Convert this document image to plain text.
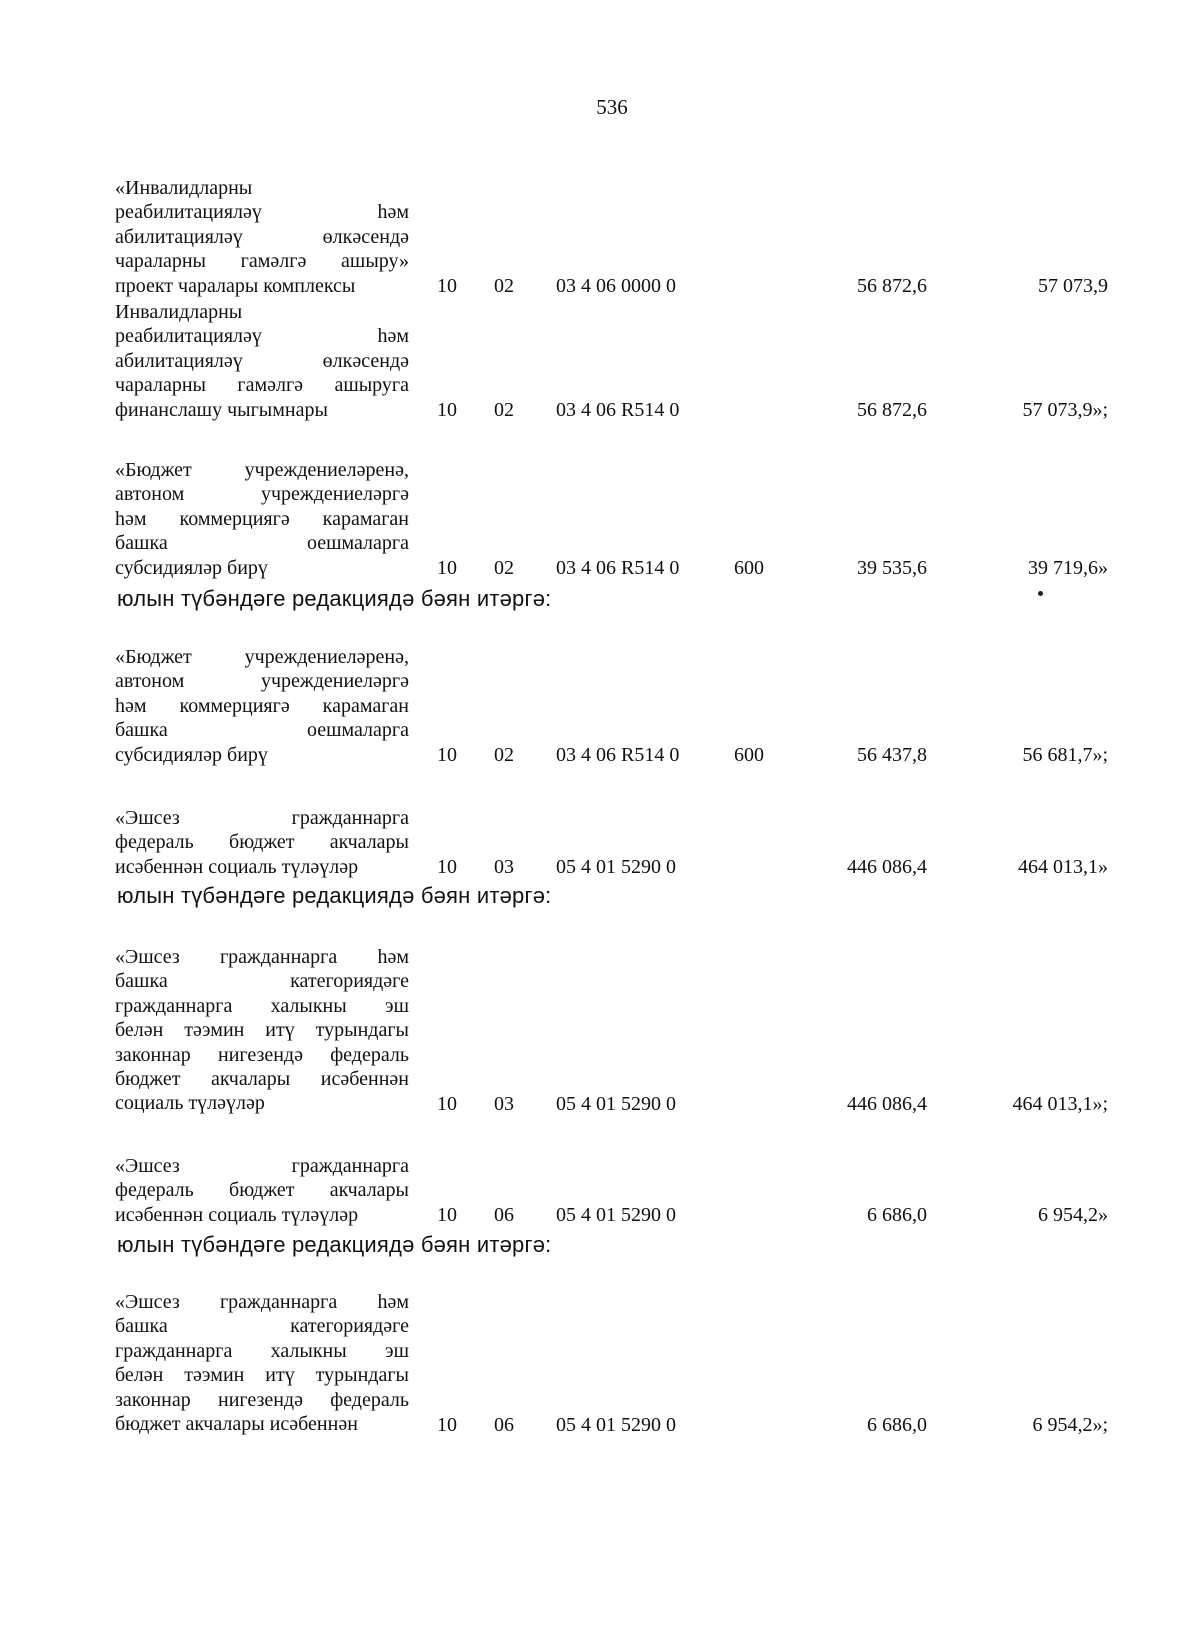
536
«Инвалидларны
реабилитацияләү һәм
абилитацияләү өлкәсендә
чараларны гамәлгә ашыру»
проект чаралары комплексы	10 02 03 4 06 0000 0	56 872,6	57 073,9
Инвалидларны
реабилитацияләү һәм
абилитацияләү өлкәсендә
чараларны гамәлгә ашыруга
финанслашу чыгымнары	10 02 03 4 06 R514 0	56 872,6	57 073,9»;
«Бюджет учреждениеләренә,
автоном учреждениеләргә
һәм коммерциягә карамаган
башка оешмаларга
субсидияләр бирү	10 02 03 4 06 R514 0	600	39 535,6	39 719,6»
юлын түбәндәге редакциядә бәян итәргә:
«Бюджет учреждениеләренә,
автоном учреждениеләргә
һәм коммерциягә карамаган
башка оешмаларга
субсидияләр бирү	10 02 03 4 06 R514 0	600	56 437,8	56 681,7»;
«Эшсез гражданнарга
федераль бюджет акчалары
исәбеннән социаль түләүләр	10 03 05 4 01 5290 0	446 086,4	464 013,1»
юлын түбәндәге редакциядә бәян итәргә:
«Эшсез гражданнарга һәм
башка категориядәге
гражданнарга халыкны эш
белән тәэмин итү турындагы
законнар нигезендә федераль
бюджет акчалары исәбеннән
социаль түләүләр	10 03 05 4 01 5290 0	446 086,4	464 013,1»;
«Эшсез гражданнарга
федераль бюджет акчалары
исәбеннән социаль түләүләр	10 06 05 4 01 5290 0	6 686,0	6 954,2»
юлын түбәндәге редакциядә бәян итәргә:
«Эшсез гражданнарга һәм
башка категориядәге
гражданнарга халыкны эш
белән тәэмин итү турындагы
законнар нигезендә федераль
бюджет акчалары исәбеннән	10 06 05 4 01 5290 0	6 686,0	6 954,2»;
